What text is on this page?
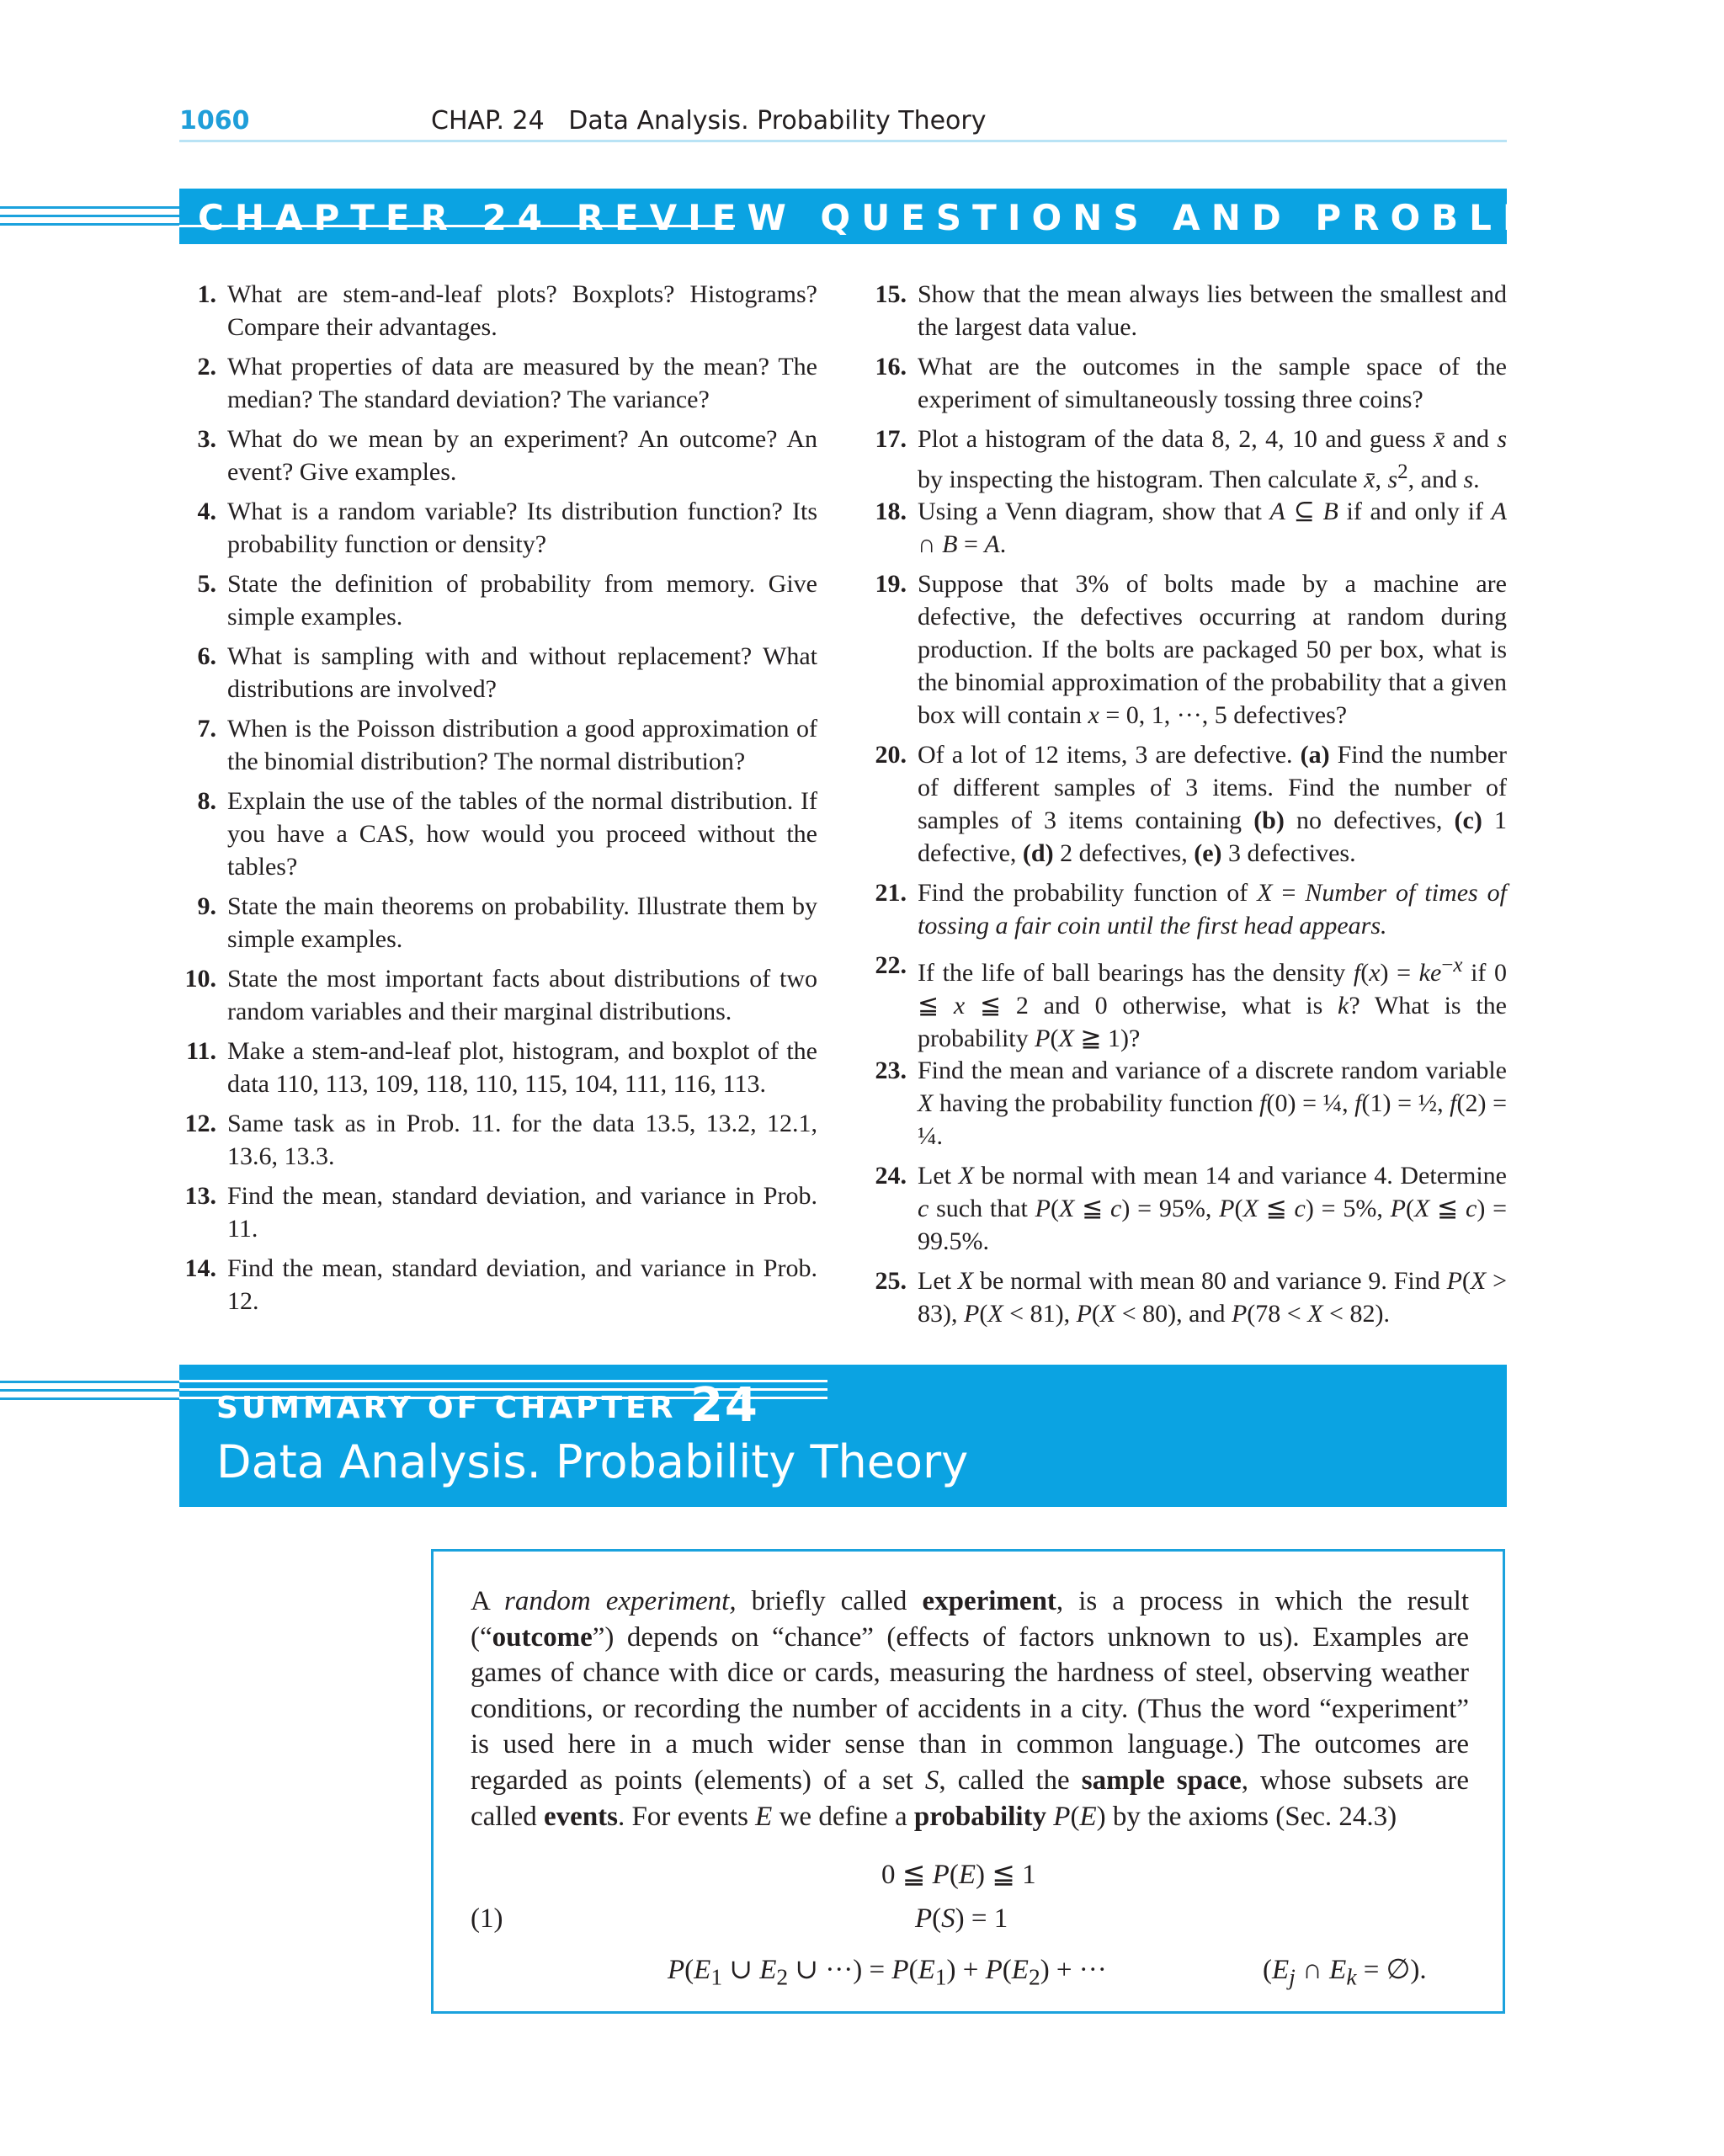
1060	CHAP. 24   Data Analysis. Probability Theory
CHAPTER 24 REVIEW QUESTIONS AND PROBLEMS
1. What are stem-and-leaf plots? Boxplots? Histograms? Compare their advantages.
2. What properties of data are measured by the mean? The median? The standard deviation? The variance?
3. What do we mean by an experiment? An outcome? An event? Give examples.
4. What is a random variable? Its distribution function? Its probability function or density?
5. State the definition of probability from memory. Give simple examples.
6. What is sampling with and without replacement? What distributions are involved?
7. When is the Poisson distribution a good approximation of the binomial distribution? The normal distribution?
8. Explain the use of the tables of the normal distribution. If you have a CAS, how would you proceed without the tables?
9. State the main theorems on probability. Illustrate them by simple examples.
10. State the most important facts about distributions of two random variables and their marginal distributions.
11. Make a stem-and-leaf plot, histogram, and boxplot of the data 110, 113, 109, 118, 110, 115, 104, 111, 116, 113.
12. Same task as in Prob. 11. for the data 13.5, 13.2, 12.1, 13.6, 13.3.
13. Find the mean, standard deviation, and variance in Prob. 11.
14. Find the mean, standard deviation, and variance in Prob. 12.
15. Show that the mean always lies between the smallest and the largest data value.
16. What are the outcomes in the sample space of the experiment of simultaneously tossing three coins?
17. Plot a histogram of the data 8, 2, 4, 10 and guess x̄ and s by inspecting the histogram. Then calculate x̄, $s^2$, and s.
18. Using a Venn diagram, show that A ⊆ B if and only if A ∩ B = A.
19. Suppose that 3% of bolts made by a machine are defective, the defectives occurring at random during production. If the bolts are packaged 50 per box, what is the binomial approximation of the probability that a given box will contain x = 0, 1, ···, 5 defectives?
20. Of a lot of 12 items, 3 are defective. (a) Find the number of different samples of 3 items. Find the number of samples of 3 items containing (b) no defectives, (c) 1 defective, (d) 2 defectives, (e) 3 defectives.
21. Find the probability function of X = Number of times of tossing a fair coin until the first head appears.
22. If the life of ball bearings has the density $f(x) = ke^{-x}$ if 0 ≦ x ≦ 2 and 0 otherwise, what is k? What is the probability P(X ≧ 1)?
23. Find the mean and variance of a discrete random variable X having the probability function f(0) = ¼, f(1) = ½, f(2) = ¼.
24. Let X be normal with mean 14 and variance 4. Determine c such that P(X ≦ c) = 95%, P(X ≦ c) = 5%, P(X ≦ c) = 99.5%.
25. Let X be normal with mean 80 and variance 9. Find P(X > 83), P(X < 81), P(X < 80), and P(78 < X < 82).
SUMMARY OF CHAPTER 24
Data Analysis. Probability Theory
A random experiment, briefly called experiment, is a process in which the result (“outcome”) depends on “chance” (effects of factors unknown to us). Examples are games of chance with dice or cards, measuring the hardness of steel, observing weather conditions, or recording the number of accidents in a city. (Thus the word “experiment” is used here in a much wider sense than in common language.) The outcomes are regarded as points (elements) of a set S, called the sample space, whose subsets are called events. For events E we define a probability P(E) by the axioms (Sec. 24.3)
0 ≦ P(E) ≦ 1
(1)	P(S) = 1
$P(E_1$ ∪ $E_2$ ∪ ···) = $P(E_1) + P(E_2)$ + ···	($E_j$ ∩ $E_k$ = ∅).
